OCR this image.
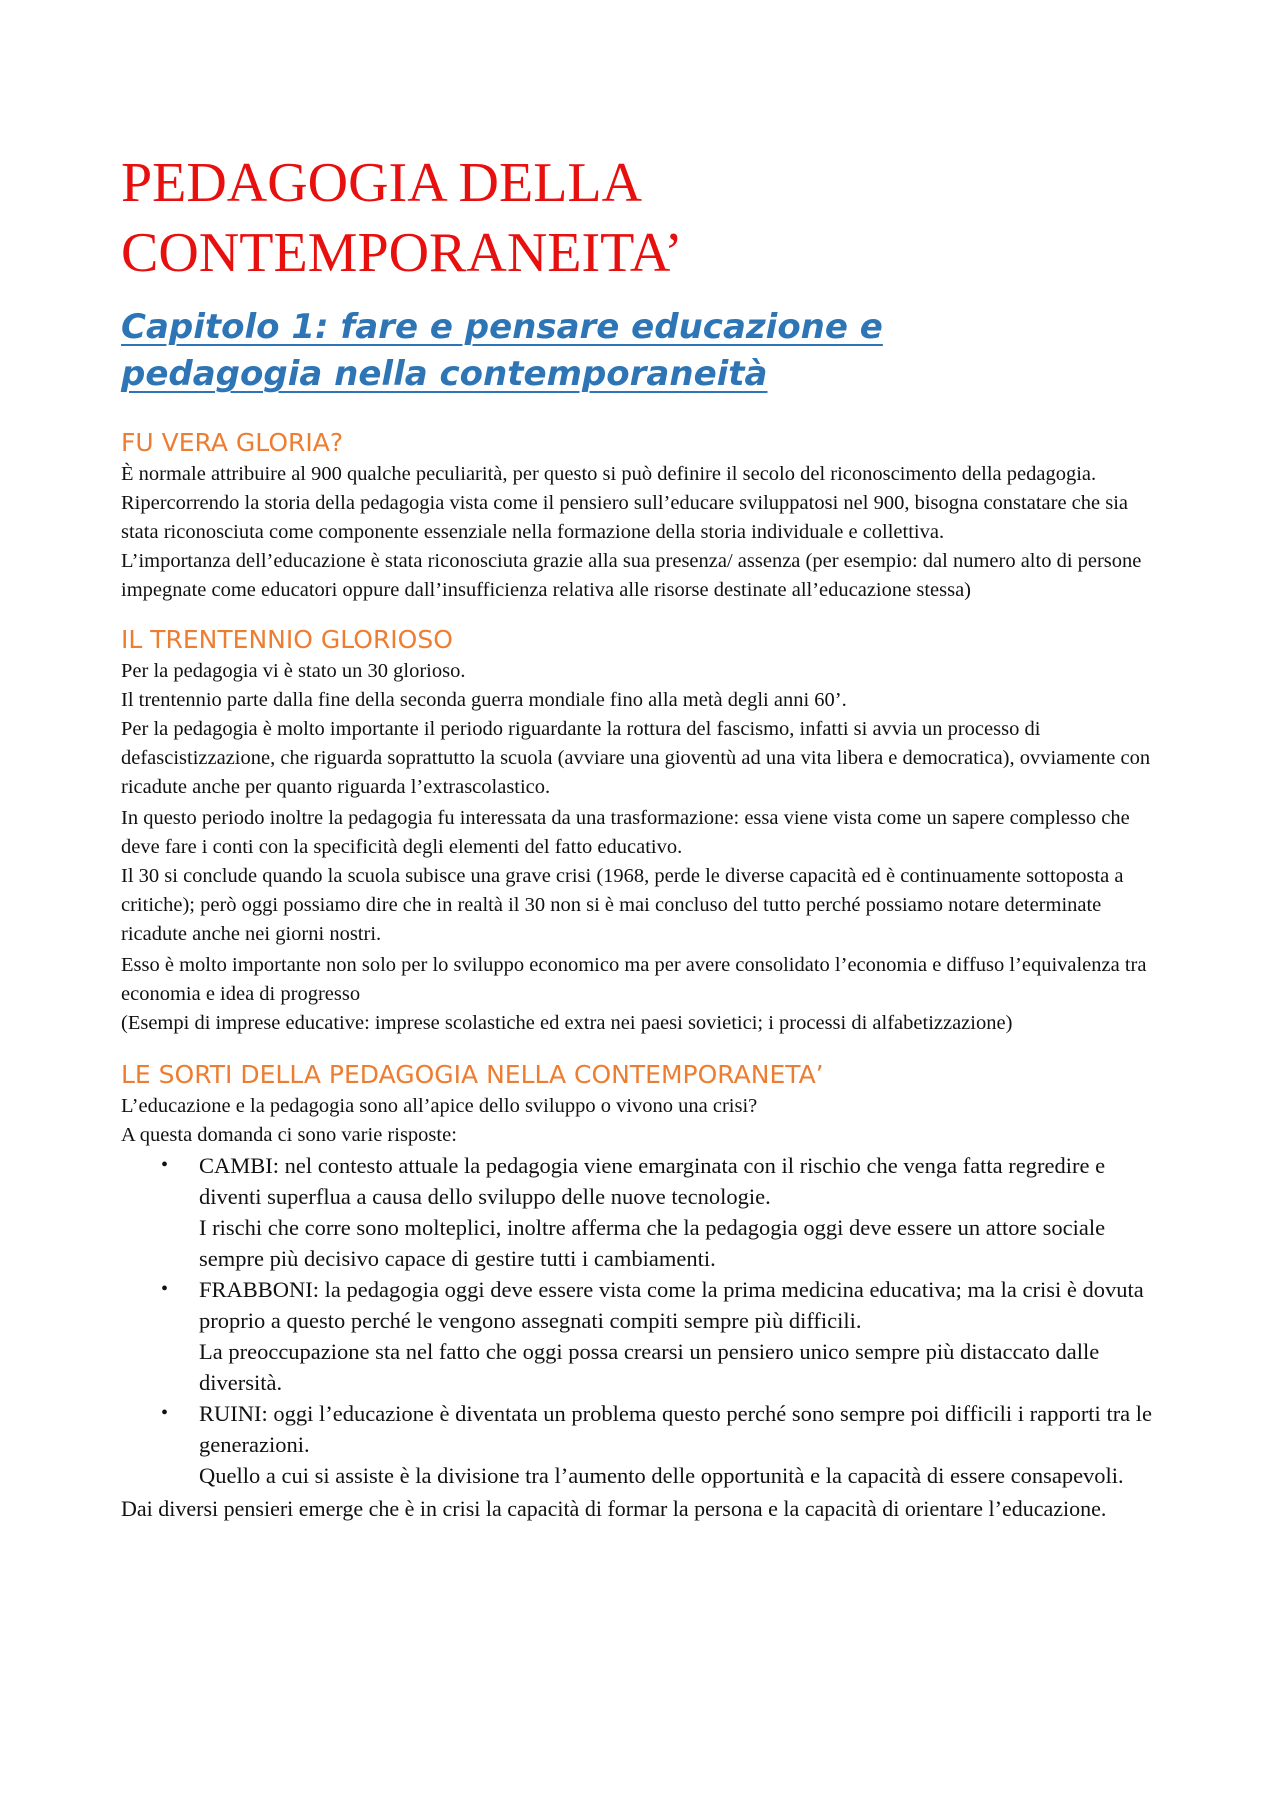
PEDAGOGIA DELLA
CONTEMPORANEITA’
Capitolo 1: fare e pensare educazione e
pedagogia nella contemporaneità
FU VERA GLORIA?

È normale attribuire al 900 qualche peculiarità, per questo si può definire il secolo del riconoscimento della pedagogia.

Ripercorrendo la storia della pedagogia vista come il pensiero sull’educare sviluppatosi nel 900, bisogna constatare che sia stata riconosciuta come componente essenziale nella formazione della storia individuale e collettiva.

L’importanza dell’educazione è stata riconosciuta grazie alla sua presenza/ assenza (per esempio: dal numero alto di persone impegnate come educatori oppure dall’insufficienza relativa alle risorse destinate all’educazione stessa)

IL TRENTENNIO GLORIOSO

Per la pedagogia vi è stato un 30 glorioso.

Il trentennio parte dalla fine della seconda guerra mondiale fino alla metà degli anni 60’.

Per la pedagogia è molto importante il periodo riguardante la rottura del fascismo, infatti si avvia un processo di defascistizzazione, che riguarda soprattutto la scuola (avviare una gioventù ad una vita libera e democratica), ovviamente con ricadute anche per quanto riguarda l’extrascolastico.

In questo periodo inoltre la pedagogia fu interessata da una trasformazione: essa viene vista come un sapere complesso che deve fare i conti con la specificità degli elementi del fatto educativo.

Il 30 si conclude quando la scuola subisce una grave crisi (1968, perde le diverse capacità ed è continuamente sottoposta a critiche); però oggi possiamo dire che in realtà il 30 non si è mai concluso del tutto perché possiamo notare determinate ricadute anche nei giorni nostri.

Esso è molto importante non solo per lo sviluppo economico ma per avere consolidato l’economia e diffuso l’equivalenza tra economia e idea di progresso

(Esempi di imprese educative: imprese scolastiche ed extra nei paesi sovietici; i processi di alfabetizzazione)

LE SORTI DELLA PEDAGOGIA NELLA CONTEMPORANETA’

L’educazione e la pedagogia sono all’apice dello sviluppo o vivono una crisi?

A questa domanda ci sono varie risposte:

• CAMBI: nel contesto attuale la pedagogia viene emarginata con il rischio che venga fatta regredire e diventi superflua a causa dello sviluppo delle nuove tecnologie.

I rischi che corre sono molteplici, inoltre afferma che la pedagogia oggi deve essere un attore sociale sempre più decisivo capace di gestire tutti i cambiamenti.

• FRABBONI: la pedagogia oggi deve essere vista come la prima medicina educativa; ma la crisi è dovuta proprio a questo perché le vengono assegnati compiti sempre più difficili.

La preoccupazione sta nel fatto che oggi possa crearsi un pensiero unico sempre più distaccato dalle diversità.

• RUINI: oggi l’educazione è diventata un problema questo perché sono sempre poi difficili i rapporti tra le generazioni.

Quello a cui si assiste è la divisione tra l’aumento delle opportunità e la capacità di essere consapevoli.

Dai diversi pensieri emerge che è in crisi la capacità di formar la persona e la capacità di orientare l’educazione.
